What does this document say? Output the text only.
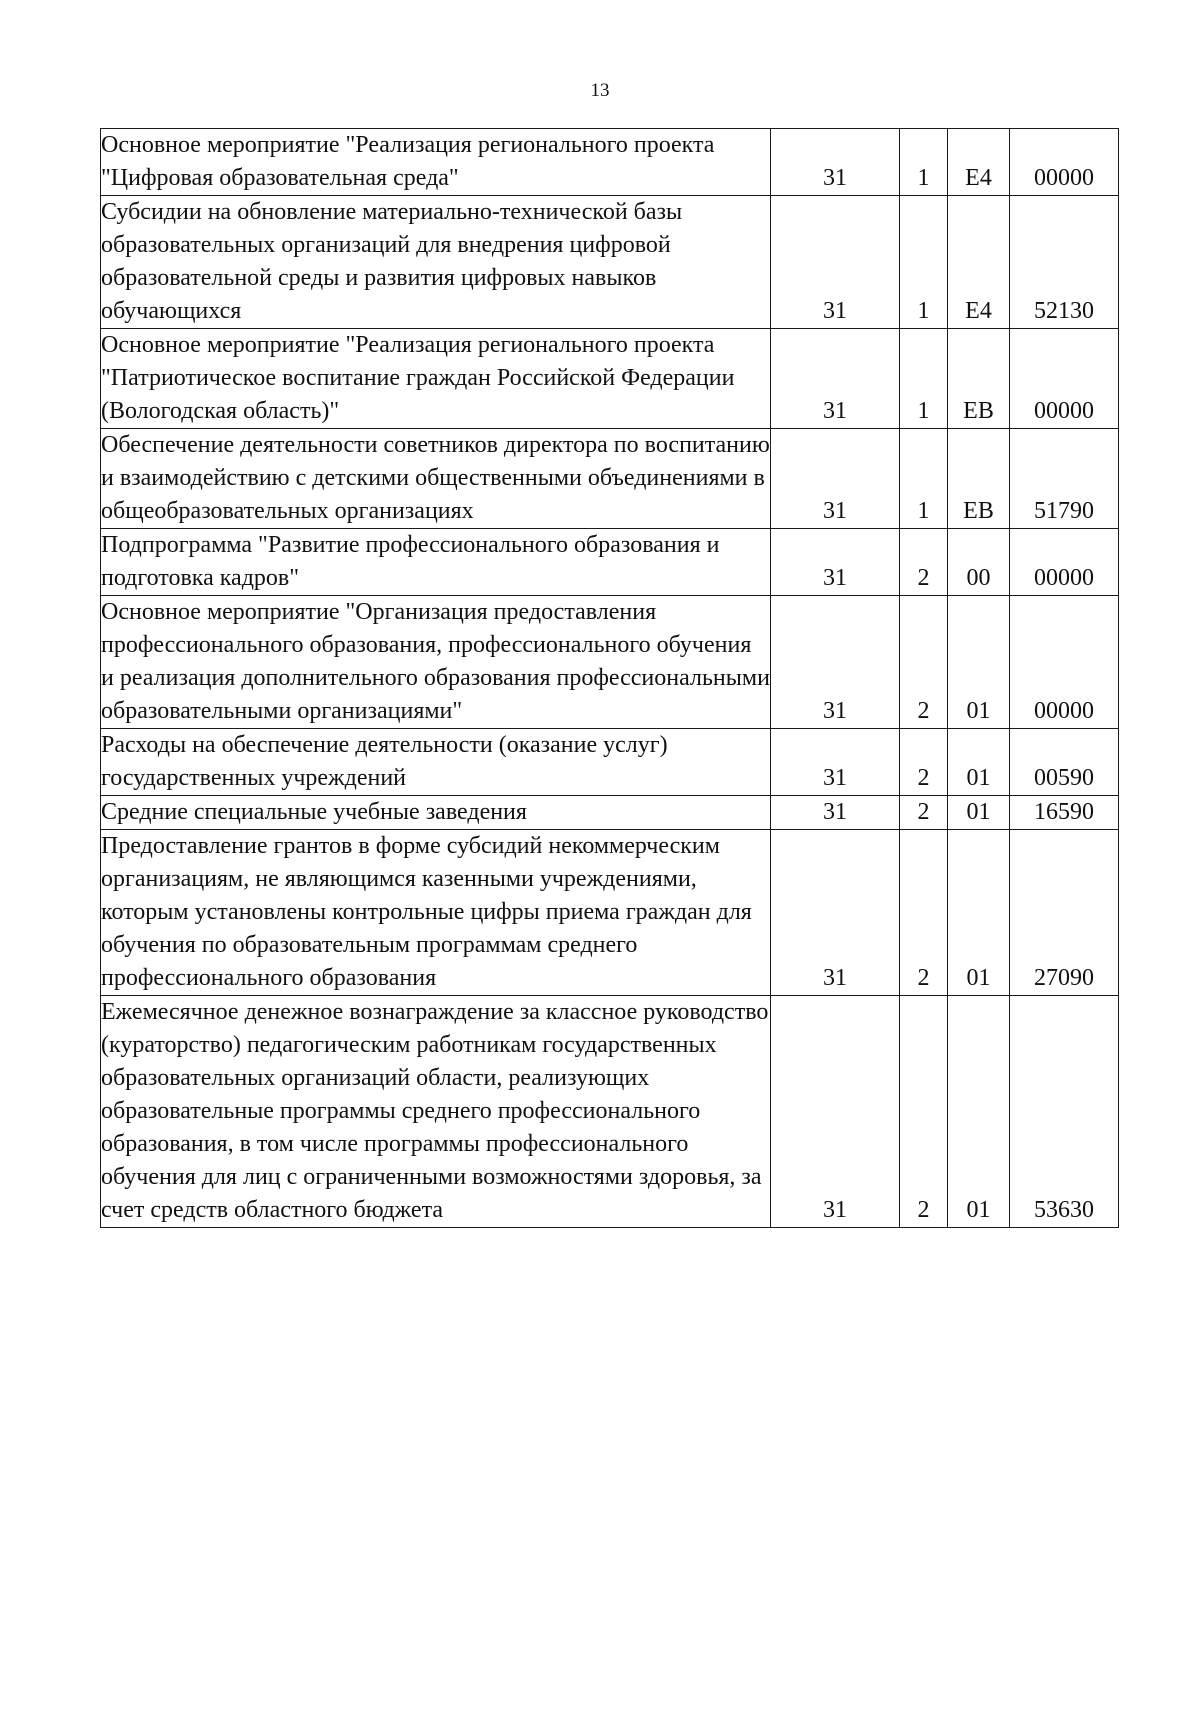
13
Основное мероприятие "Реализация регионального проекта "Цифровая образовательная среда"	31	1	E4	00000
Субсидии на обновление материально-технической базы образовательных организаций для внедрения цифровой образовательной среды и развития цифровых навыков обучающихся	31	1	E4	52130
Основное мероприятие "Реализация регионального проекта "Патриотическое воспитание граждан Российской Федерации (Вологодская область)"	31	1	EB	00000
Обеспечение деятельности советников директора по воспитанию и взаимодействию с детскими общественными объединениями в общеобразовательных организациях	31	1	EB	51790
Подпрограмма "Развитие профессионального образования и подготовка кадров"	31	2	00	00000
Основное мероприятие "Организация предоставления профессионального образования, профессионального обучения и реализация дополнительного образования профессиональными образовательными организациями"	31	2	01	00000
Расходы на обеспечение деятельности (оказание услуг) государственных учреждений	31	2	01	00590
Средние специальные учебные заведения	31	2	01	16590
Предоставление грантов в форме субсидий некоммерческим организациям, не являющимся казенными учреждениями, которым установлены контрольные цифры приема граждан для обучения по образовательным программам среднего профессионального образования	31	2	01	27090
Ежемесячное денежное вознаграждение за классное руководство (кураторство) педагогическим работникам государственных образовательных организаций области, реализующих образовательные программы среднего профессионального образования, в том числе программы профессионального обучения для лиц с ограниченными возможностями здоровья, за счет средств областного бюджета	31	2	01	53630
